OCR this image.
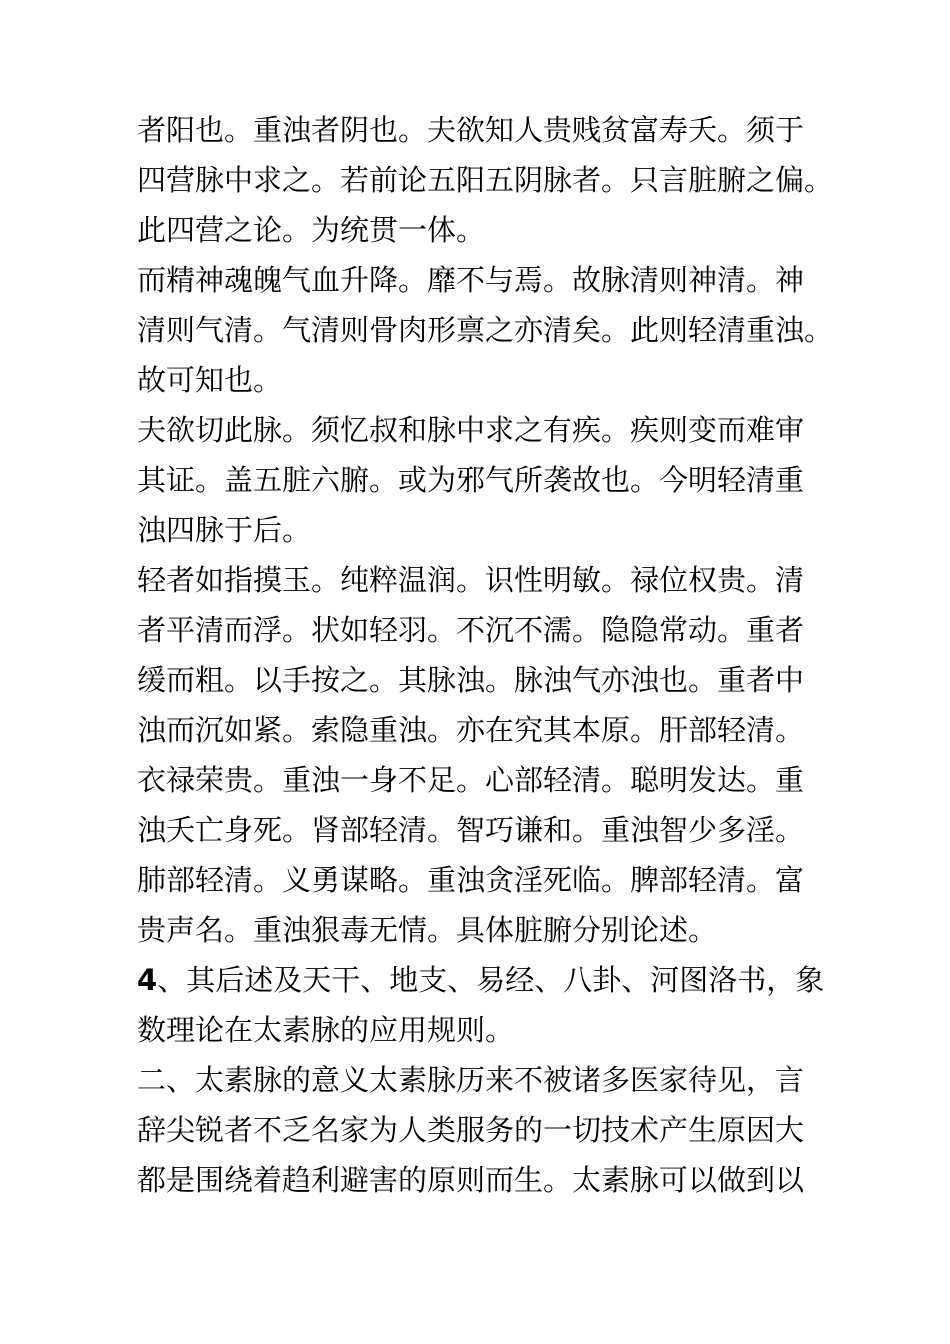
者阳也。重浊者阴也。夫欲知人贵贱贫富寿夭。须于
四营脉中求之。若前论五阳五阴脉者。只言脏腑之偏。
此四营之论。为统贯一体。
而精神魂魄气血升降。靡不与焉。故脉清则神清。神
清则气清。气清则骨肉形禀之亦清矣。此则轻清重浊。
故可知也。
夫欲切此脉。须忆叔和脉中求之有疾。疾则变而难审
其证。盖五脏六腑。或为邪气所袭故也。今明轻清重
浊四脉于后。
轻者如指摸玉。纯粹温润。识性明敏。禄位权贵。清
者平清而浮。状如轻羽。不沉不濡。隐隐常动。重者
缓而粗。以手按之。其脉浊。脉浊气亦浊也。重者中
浊而沉如紧。索隐重浊。亦在究其本原。肝部轻清。
衣禄荣贵。重浊一身不足。心部轻清。聪明发达。重
浊夭亡身死。肾部轻清。智巧谦和。重浊智少多淫。
肺部轻清。义勇谋略。重浊贪淫死临。脾部轻清。富
贵声名。重浊狠毒无情。具体脏腑分别论述。
4、其后述及天干、地支、易经、八卦、河图洛书，象
数理论在太素脉的应用规则。
二、太素脉的意义太素脉历来不被诸多医家待见，言
辞尖锐者不乏名家为人类服务的一切技术产生原因大
都是围绕着趋利避害的原则而生。太素脉可以做到以
